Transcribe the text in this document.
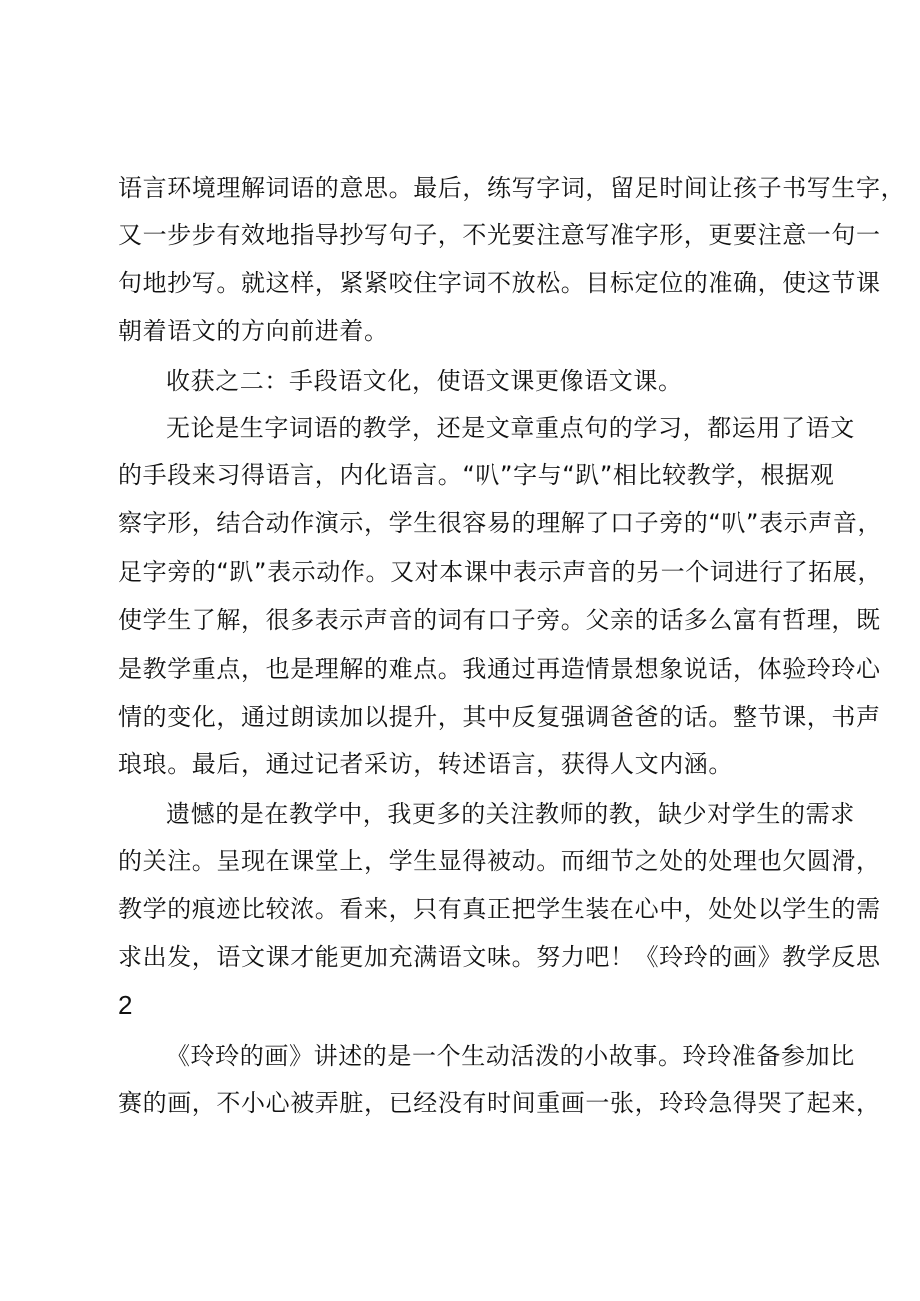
语言环境理解词语的意思。最后，练写字词，留足时间让孩子书写生字，
又一步步有效地指导抄写句子，不光要注意写准字形，更要注意一句一
句地抄写。就这样，紧紧咬住字词不放松。目标定位的准确，使这节课
朝着语文的方向前进着。
收获之二：手段语文化，使语文课更像语文课。
无论是生字词语的教学，还是文章重点句的学习，都运用了语文
的手段来习得语言，内化语言。“叭”字与“趴”相比较教学，根据观
察字形，结合动作演示，学生很容易的理解了口子旁的“叭”表示声音，
足字旁的“趴”表示动作。又对本课中表示声音的另一个词进行了拓展，
使学生了解，很多表示声音的词有口子旁。父亲的话多么富有哲理，既
是教学重点，也是理解的难点。我通过再造情景想象说话，体验玲玲心
情的变化，通过朗读加以提升，其中反复强调爸爸的话。整节课，书声
琅琅。最后，通过记者采访，转述语言，获得人文内涵。
遗憾的是在教学中，我更多的关注教师的教，缺少对学生的需求
的关注。呈现在课堂上，学生显得被动。而细节之处的处理也欠圆滑，
教学的痕迹比较浓。看来，只有真正把学生装在心中，处处以学生的需
求出发，语文课才能更加充满语文味。努力吧！《玲玲的画》教学反思
2
《玲玲的画》讲述的是一个生动活泼的小故事。玲玲准备参加比
赛的画，不小心被弄脏，已经没有时间重画一张，玲玲急得哭了起来，
